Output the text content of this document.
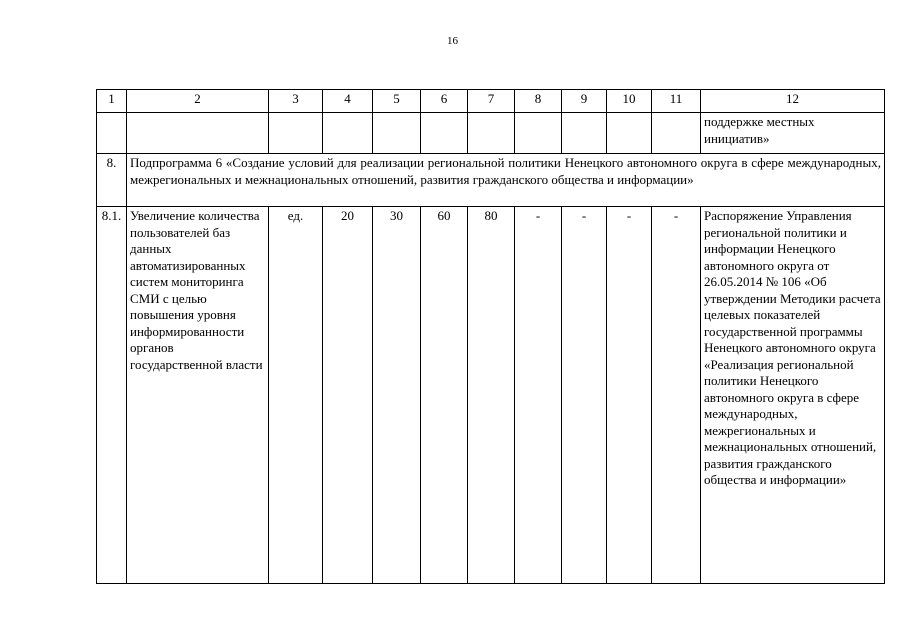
16
1	2	3	4	5	6	7	8	9	10	11	12
											поддержке местных инициатив»
8.	Подпрограмма 6 «Создание условий для реализации региональной политики Ненецкого автономного округа в сфере международных, межрегиональных и межнациональных отношений, развития гражданского общества и информации»										
8.1.	Увеличение количества пользователей баз данных автоматизированных систем мониторинга СМИ с целью повышения уровня информированности органов государственной власти	ед.	20	30	60	80	-	-	-	-	Распоряжение Управления региональной политики и информации Ненецкого автономного округа от 26.05.2014 № 106 «Об утверждении Методики расчета целевых показателей государственной программы Ненецкого автономного округа «Реализация региональной политики Ненецкого автономного округа в сфере международных, межрегиональных и межнациональных отношений, развития гражданского общества и информации»
